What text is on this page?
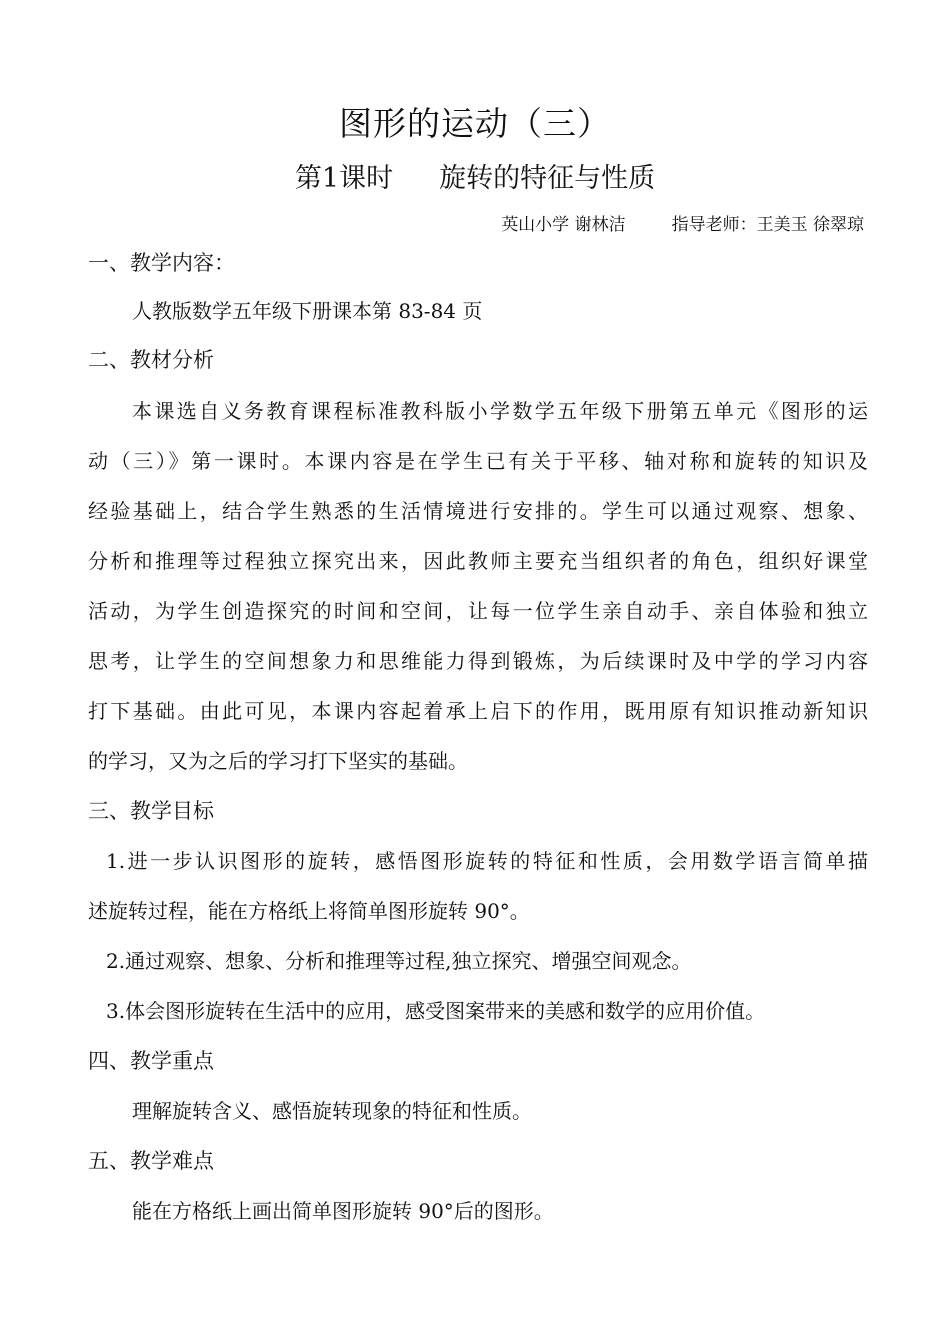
图形的运动（三）
第1课时 旋转的特征与性质
英山小学 谢林洁	指导老师：王美玉 徐翠琼
一、教学内容：
人教版数学五年级下册课本第 83-84 页
二、教材分析
本课选自义务教育课程标准教科版小学数学五年级下册第五单元《图形的运
动（三）》第一课时。本课内容是在学生已有关于平移、轴对称和旋转的知识及
经验基础上，结合学生熟悉的生活情境进行安排的。学生可以通过观察、想象、
分析和推理等过程独立探究出来，因此教师主要充当组织者的角色，组织好课堂
活动，为学生创造探究的时间和空间，让每一位学生亲自动手、亲自体验和独立
思考，让学生的空间想象力和思维能力得到锻炼，为后续课时及中学的学习内容
打下基础。由此可见，本课内容起着承上启下的作用，既用原有知识推动新知识
的学习，又为之后的学习打下坚实的基础。
三、教学目标
1.进一步认识图形的旋转，感悟图形旋转的特征和性质，会用数学语言简单描
述旋转过程，能在方格纸上将简单图形旋转 90°。
2.通过观察、想象、分析和推理等过程,独立探究、增强空间观念。
3.体会图形旋转在生活中的应用，感受图案带来的美感和数学的应用价值。
四、教学重点
理解旋转含义、感悟旋转现象的特征和性质。
五、教学难点
能在方格纸上画出简单图形旋转 90°后的图形。
